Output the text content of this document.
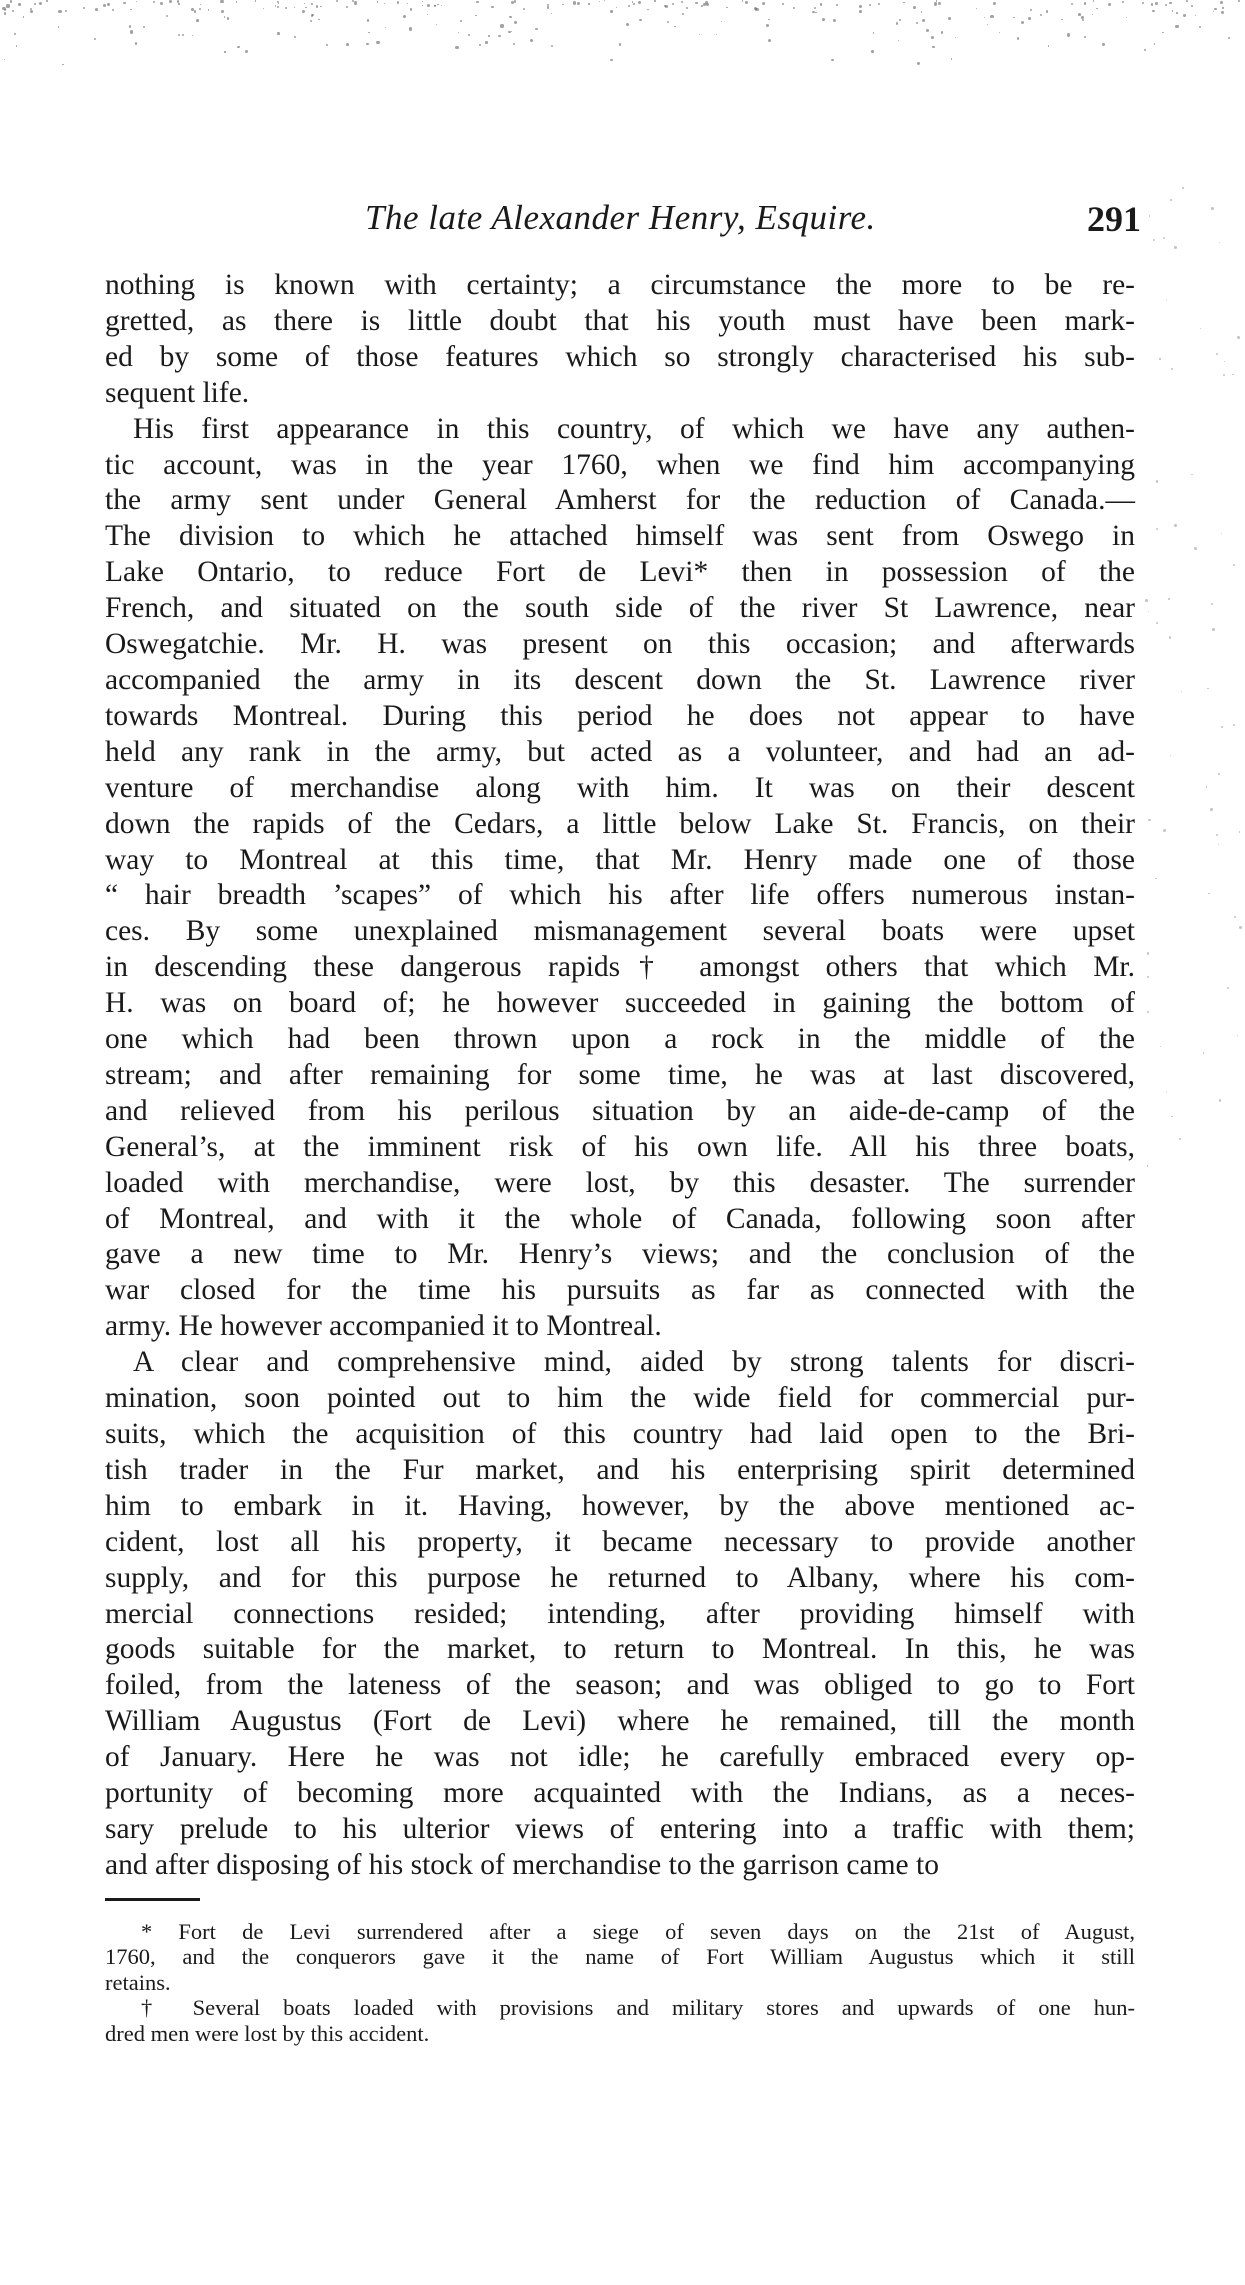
The late Alexander Henry, Esquire.	291
nothing is known with certainty; a circumstance the more to be re-
gretted, as there is little doubt that his youth must have been mark-
ed by some of those features which so strongly characterised his sub-
sequent life.
His first appearance in this country, of which we have any authen-
tic account, was in the year 1760, when we find him accompanying
the army sent under General Amherst for the reduction of Canada.—
The division to which he attached himself was sent from Oswego in
Lake Ontario, to reduce Fort de Levi* then in possession of the
French, and situated on the south side of the river St Lawrence, near
Oswegatchie. Mr. H. was present on this occasion; and afterwards
accompanied the army in its descent down the St. Lawrence river
towards Montreal. During this period he does not appear to have
held any rank in the army, but acted as a volunteer, and had an ad-
venture of merchandise along with him. It was on their descent
down the rapids of the Cedars, a little below Lake St. Francis, on their
way to Montreal at this time, that Mr. Henry made one of those
“ hair breadth ’scapes” of which his after life offers numerous instan-
ces. By some unexplained mismanagement several boats were upset
in descending these dangerous rapids† amongst others that which Mr.
H. was on board of; he however succeeded in gaining the bottom of
one which had been thrown upon a rock in the middle of the
stream; and after remaining for some time, he was at last discovered,
and relieved from his perilous situation by an aide-de-camp of the
General’s, at the imminent risk of his own life. All his three boats,
loaded with merchandise, were lost, by this desaster. The surrender
of Montreal, and with it the whole of Canada, following soon after
gave a new time to Mr. Henry’s views; and the conclusion of the
war closed for the time his pursuits as far as connected with the
army. He however accompanied it to Montreal.
A clear and comprehensive mind, aided by strong talents for discri-
mination, soon pointed out to him the wide field for commercial pur-
suits, which the acquisition of this country had laid open to the Bri-
tish trader in the Fur market, and his enterprising spirit determined
him to embark in it. Having, however, by the above mentioned ac-
cident, lost all his property, it became necessary to provide another
supply, and for this purpose he returned to Albany, where his com-
mercial connections resided; intending, after providing himself with
goods suitable for the market, to return to Montreal. In this, he was
foiled, from the lateness of the season; and was obliged to go to Fort
William Augustus (Fort de Levi) where he remained, till the month
of January. Here he was not idle; he carefully embraced every op-
portunity of becoming more acquainted with the Indians, as a neces-
sary prelude to his ulterior views of entering into a traffic with them;
and after disposing of his stock of merchandise to the garrison came to
* Fort de Levi surrendered after a siege of seven days on the 21st of August,
1760, and the conquerors gave it the name of Fort William Augustus which it still
retains.
† Several boats loaded with provisions and military stores and upwards of one hun-
dred men were lost by this accident.
